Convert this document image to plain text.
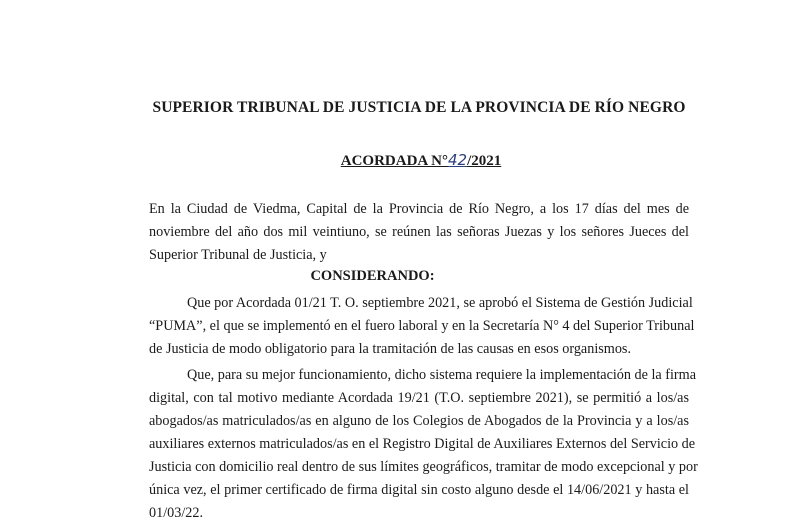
SUPERIOR TRIBUNAL DE JUSTICIA DE LA PROVINCIA DE RÍO NEGRO
ACORDADA N°42/2021
En la Ciudad de Viedma, Capital de la Provincia de Río Negro, a los 17 días del mes de
noviembre del año dos mil veintiuno, se reúnen las señoras Juezas y los señores Jueces del
Superior Tribunal de Justicia, y
CONSIDERANDO:
Que por Acordada 01/21 T. O. septiembre 2021, se aprobó el Sistema de Gestión Judicial
“PUMA”, el que se implementó en el fuero laboral y en la Secretaría N° 4 del Superior Tribunal
de Justicia de modo obligatorio para la tramitación de las causas en esos organismos.
Que, para su mejor funcionamiento, dicho sistema requiere la implementación de la firma
digital, con tal motivo mediante Acordada 19/21 (T.O. septiembre 2021), se permitió a los/as
abogados/as matriculados/as en alguno de los Colegios de Abogados de la Provincia y a los/as
auxiliares externos matriculados/as en el Registro Digital de Auxiliares Externos del Servicio de
Justicia con domicilio real dentro de sus límites geográficos, tramitar de modo excepcional y por
única vez, el primer certificado de firma digital sin costo alguno desde el 14/06/2021 y hasta el
01/03/22.
